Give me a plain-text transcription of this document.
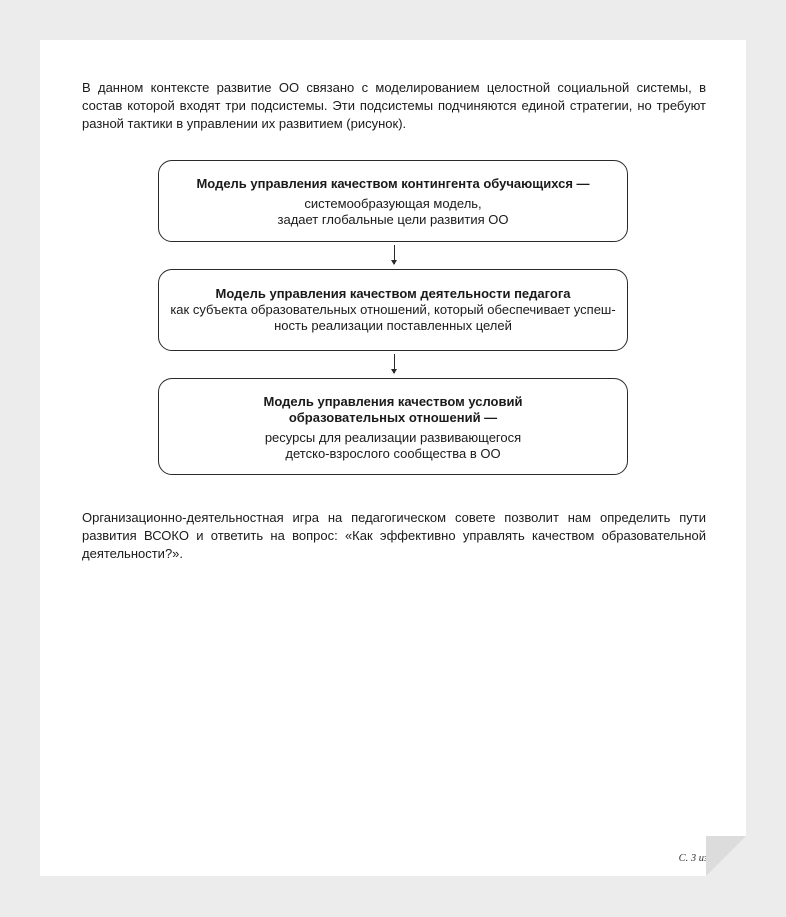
В данном контексте развитие ОО связано с моделированием целостной социальной системы, в состав которой входят три подсистемы. Эти подсистемы подчиняются единой стратегии, но требуют разной тактики в управлении их развитием (рисунок).

Модель управления качеством контингента обучающихся —
системообразующая модель,
задает глобальные цели развития ОО
Модель управления качеством деятельности педагога
как субъекта образовательных отношений, который обеспечивает успеш-
ность реализации поставленных целей
Модель управления качеством условий
образовательных отношений —
ресурсы для реализации развивающегося
детско-взрослого сообщества в ОО

Организационно-деятельностная игра на педагогическом совете позволит нам определить пути развития ВСОКО и ответить на вопрос: «Как эффективно управлять качеством образовательной деятельности?».

С. 3 из 3
